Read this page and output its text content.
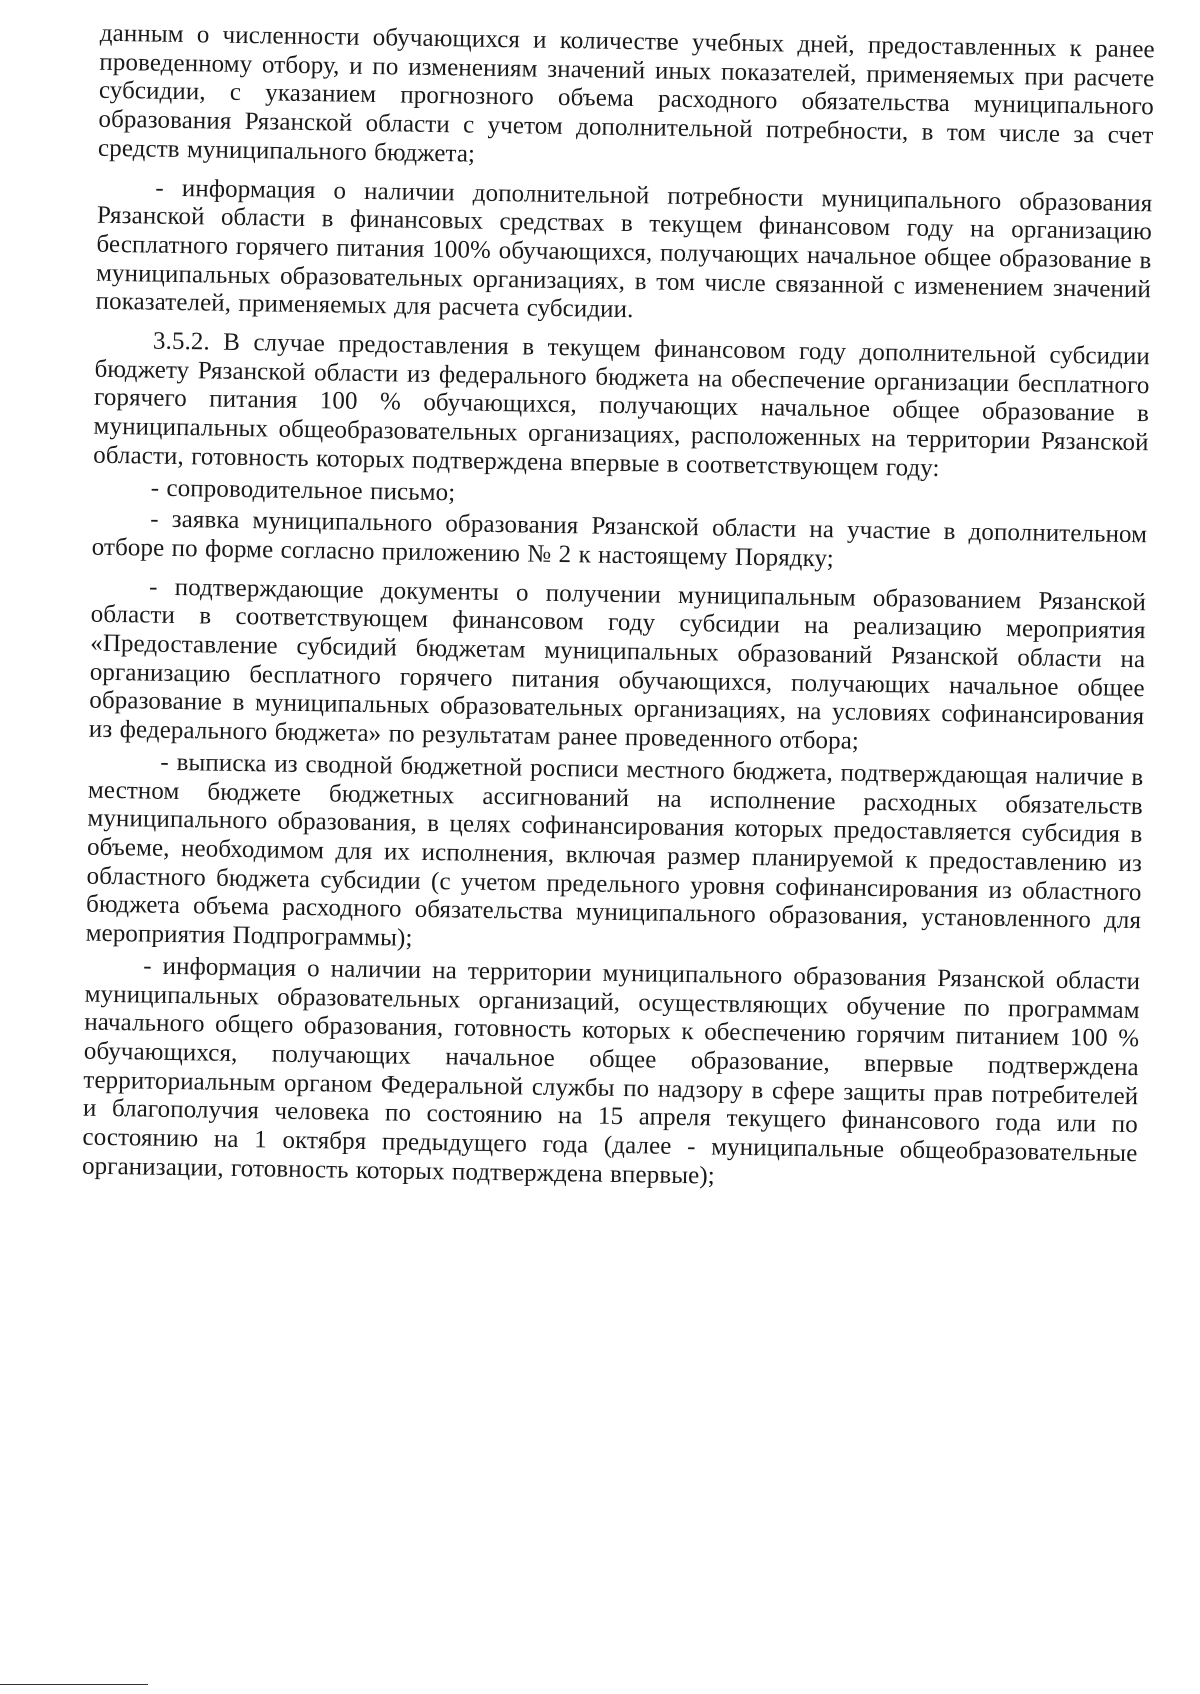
данным о численности обучающихся и количестве учебных дней, предоставленных к ранее проведенному отбору, и по изменениям значений иных показателей, применяемых при расчете субсидии, с указанием прогнозного объема расходного обязательства муниципального образования Рязанской области с учетом дополнительной потребности, в том числе за счет средств муниципального бюджета;

- информация о наличии дополнительной потребности муниципального образования Рязанской области в финансовых средствах в текущем финансовом году на организацию бесплатного горячего питания 100% обучающихся, получающих начальное общее образование в муниципальных образовательных организациях, в том числе связанной с изменением значений показателей, применяемых для расчета субсидии.

3.5.2. В случае предоставления в текущем финансовом году дополнительной субсидии бюджету Рязанской области из федерального бюджета на обеспечение организации бесплатного горячего питания 100 % обучающихся, получающих начальное общее образование в муниципальных общеобразовательных организациях, расположенных на территории Рязанской области, готовность которых подтверждена впервые в соответствующем году:

- сопроводительное письмо;

- заявка муниципального образования Рязанской области на участие в дополнительном отборе по форме согласно приложению № 2 к настоящему Порядку;

- подтверждающие документы о получении муниципальным образованием Рязанской области в соответствующем финансовом году субсидии на реализацию мероприятия «Предоставление субсидий бюджетам муниципальных образований Рязанской области на организацию бесплатного горячего питания обучающихся, получающих начальное общее образование в муниципальных образовательных организациях, на условиях софинансирования из федерального бюджета» по результатам ранее проведенного отбора;

- выписка из сводной бюджетной росписи местного бюджета, подтверждающая наличие в местном бюджете бюджетных ассигнований на исполнение расходных обязательств муниципального образования, в целях софинансирования которых предоставляется субсидия в объеме, необходимом для их исполнения, включая размер планируемой к предоставлению из областного бюджета субсидии (с учетом предельного уровня софинансирования из областного бюджета объема расходного обязательства муниципального образования, установленного для мероприятия Подпрограммы);

- информация о наличии на территории муниципального образования Рязанской области муниципальных образовательных организаций, осуществляющих обучение по программам начального общего образования, готовность которых к обеспечению горячим питанием 100 % обучающихся, получающих начальное общее образование, впервые подтверждена территориальным органом Федеральной службы по надзору в сфере защиты прав потребителей и благополучия человека по состоянию на 15 апреля текущего финансового года или по состоянию на 1 октября предыдущего года (далее - муниципальные общеобразовательные организации, готовность которых подтверждена впервые);
